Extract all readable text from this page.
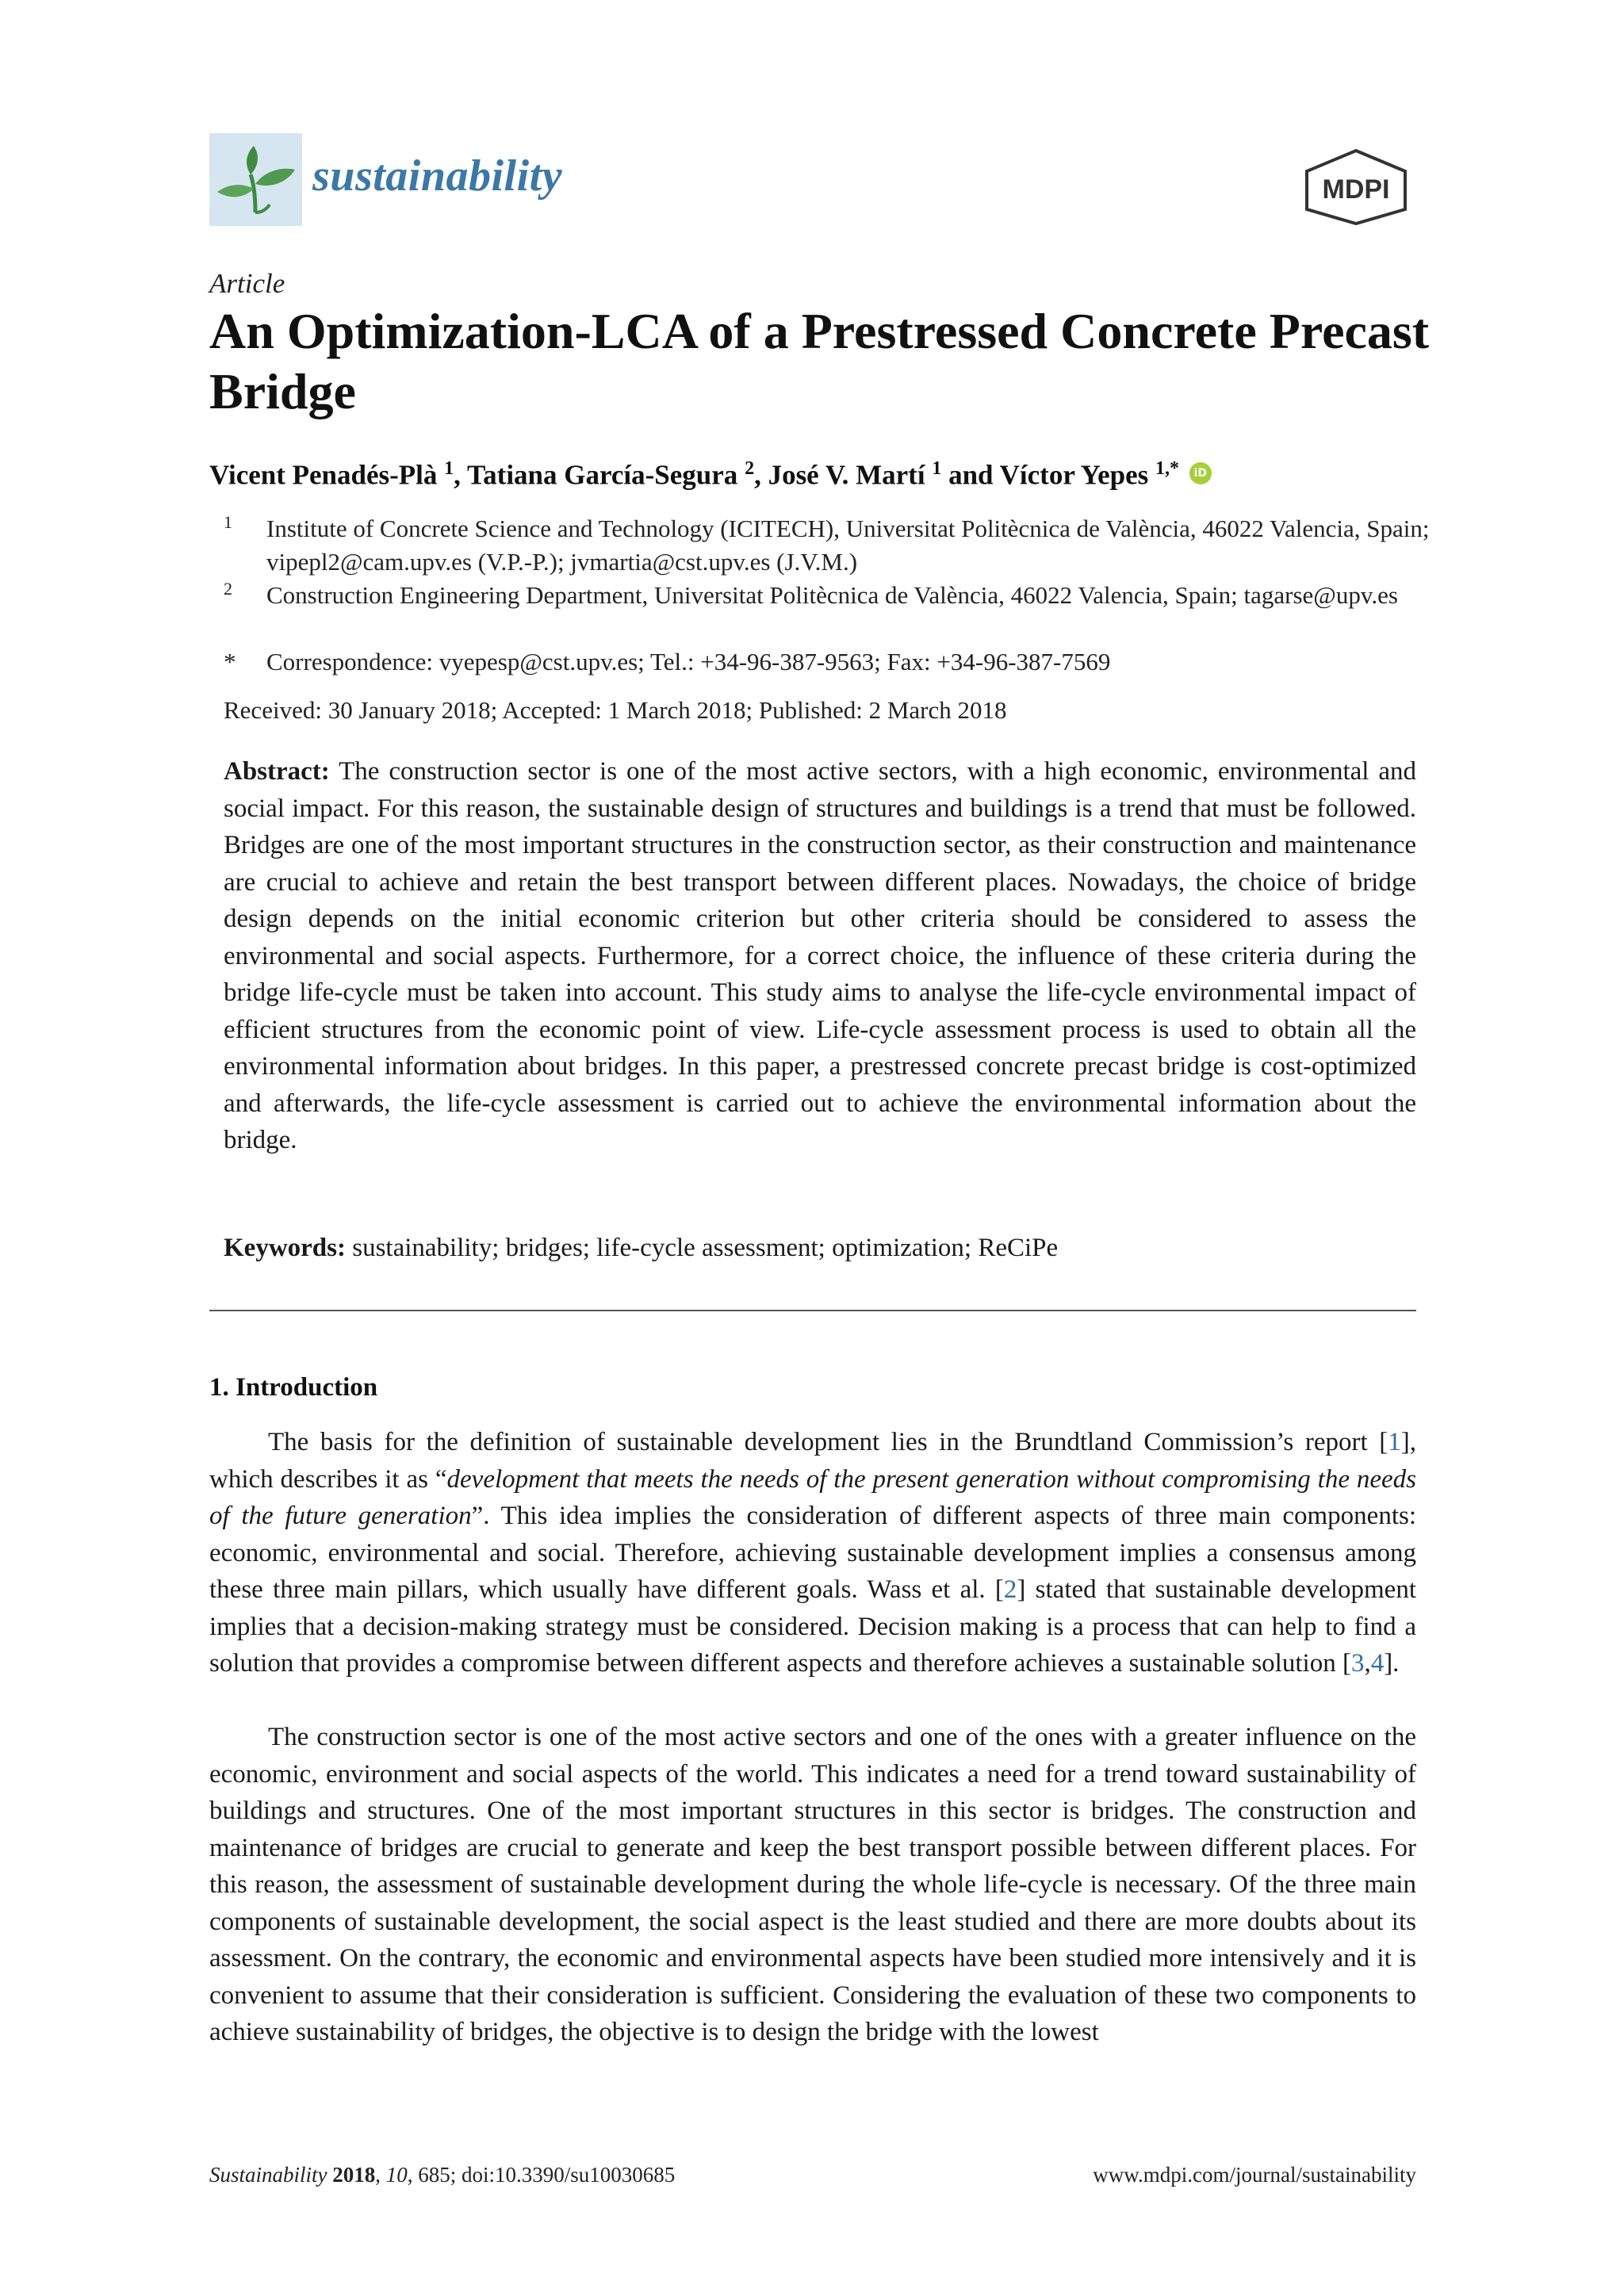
sustainability	MDPI
Article
An Optimization-LCA of a Prestressed Concrete Precast Bridge
Vicent Penadés-Plà $^1$, Tatiana García-Segura $^2$, José V. Martí $^1$ and Víctor Yepes $^{1,*}$ iD
1 Institute of Concrete Science and Technology (ICITECH), Universitat Politècnica de València, 46022 Valencia, Spain; vipepl2@cam.upv.es (V.P.-P.); jvmartia@cst.upv.es (J.V.M.)
2 Construction Engineering Department, Universitat Politècnica de València, 46022 Valencia, Spain; tagarse@upv.es
* Correspondence: vyepesp@cst.upv.es; Tel.: +34-96-387-9563; Fax: +34-96-387-7569
Received: 30 January 2018; Accepted: 1 March 2018; Published: 2 March 2018
Abstract: The construction sector is one of the most active sectors, with a high economic, environmental and social impact. For this reason, the sustainable design of structures and buildings is a trend that must be followed. Bridges are one of the most important structures in the construction sector, as their construction and maintenance are crucial to achieve and retain the best transport between different places. Nowadays, the choice of bridge design depends on the initial economic criterion but other criteria should be considered to assess the environmental and social aspects. Furthermore, for a correct choice, the influence of these criteria during the bridge life-cycle must be taken into account. This study aims to analyse the life-cycle environmental impact of efficient structures from the economic point of view. Life-cycle assessment process is used to obtain all the environmental information about bridges. In this paper, a prestressed concrete precast bridge is cost-optimized and afterwards, the life-cycle assessment is carried out to achieve the environmental information about the bridge.
Keywords: sustainability; bridges; life-cycle assessment; optimization; ReCiPe
1. Introduction

The basis for the definition of sustainable development lies in the Brundtland Commission’s report [1], which describes it as “development that meets the needs of the present generation without compromising the needs of the future generation”. This idea implies the consideration of different aspects of three main components: economic, environmental and social. Therefore, achieving sustainable development implies a consensus among these three main pillars, which usually have different goals. Wass et al. [2] stated that sustainable development implies that a decision-making strategy must be considered. Decision making is a process that can help to find a solution that provides a compromise between different aspects and therefore achieves a sustainable solution [3,4].

The construction sector is one of the most active sectors and one of the ones with a greater influence on the economic, environment and social aspects of the world. This indicates a need for a trend toward sustainability of buildings and structures. One of the most important structures in this sector is bridges. The construction and maintenance of bridges are crucial to generate and keep the best transport possible between different places. For this reason, the assessment of sustainable development during the whole life-cycle is necessary. Of the three main components of sustainable development, the social aspect is the least studied and there are more doubts about its assessment. On the contrary, the economic and environmental aspects have been studied more intensively and it is convenient to assume that their consideration is sufficient. Considering the evaluation of these two components to achieve sustainability of bridges, the objective is to design the bridge with the lowest

Sustainability 2018, 10, 685; doi:10.3390/su10030685	www.mdpi.com/journal/sustainability
